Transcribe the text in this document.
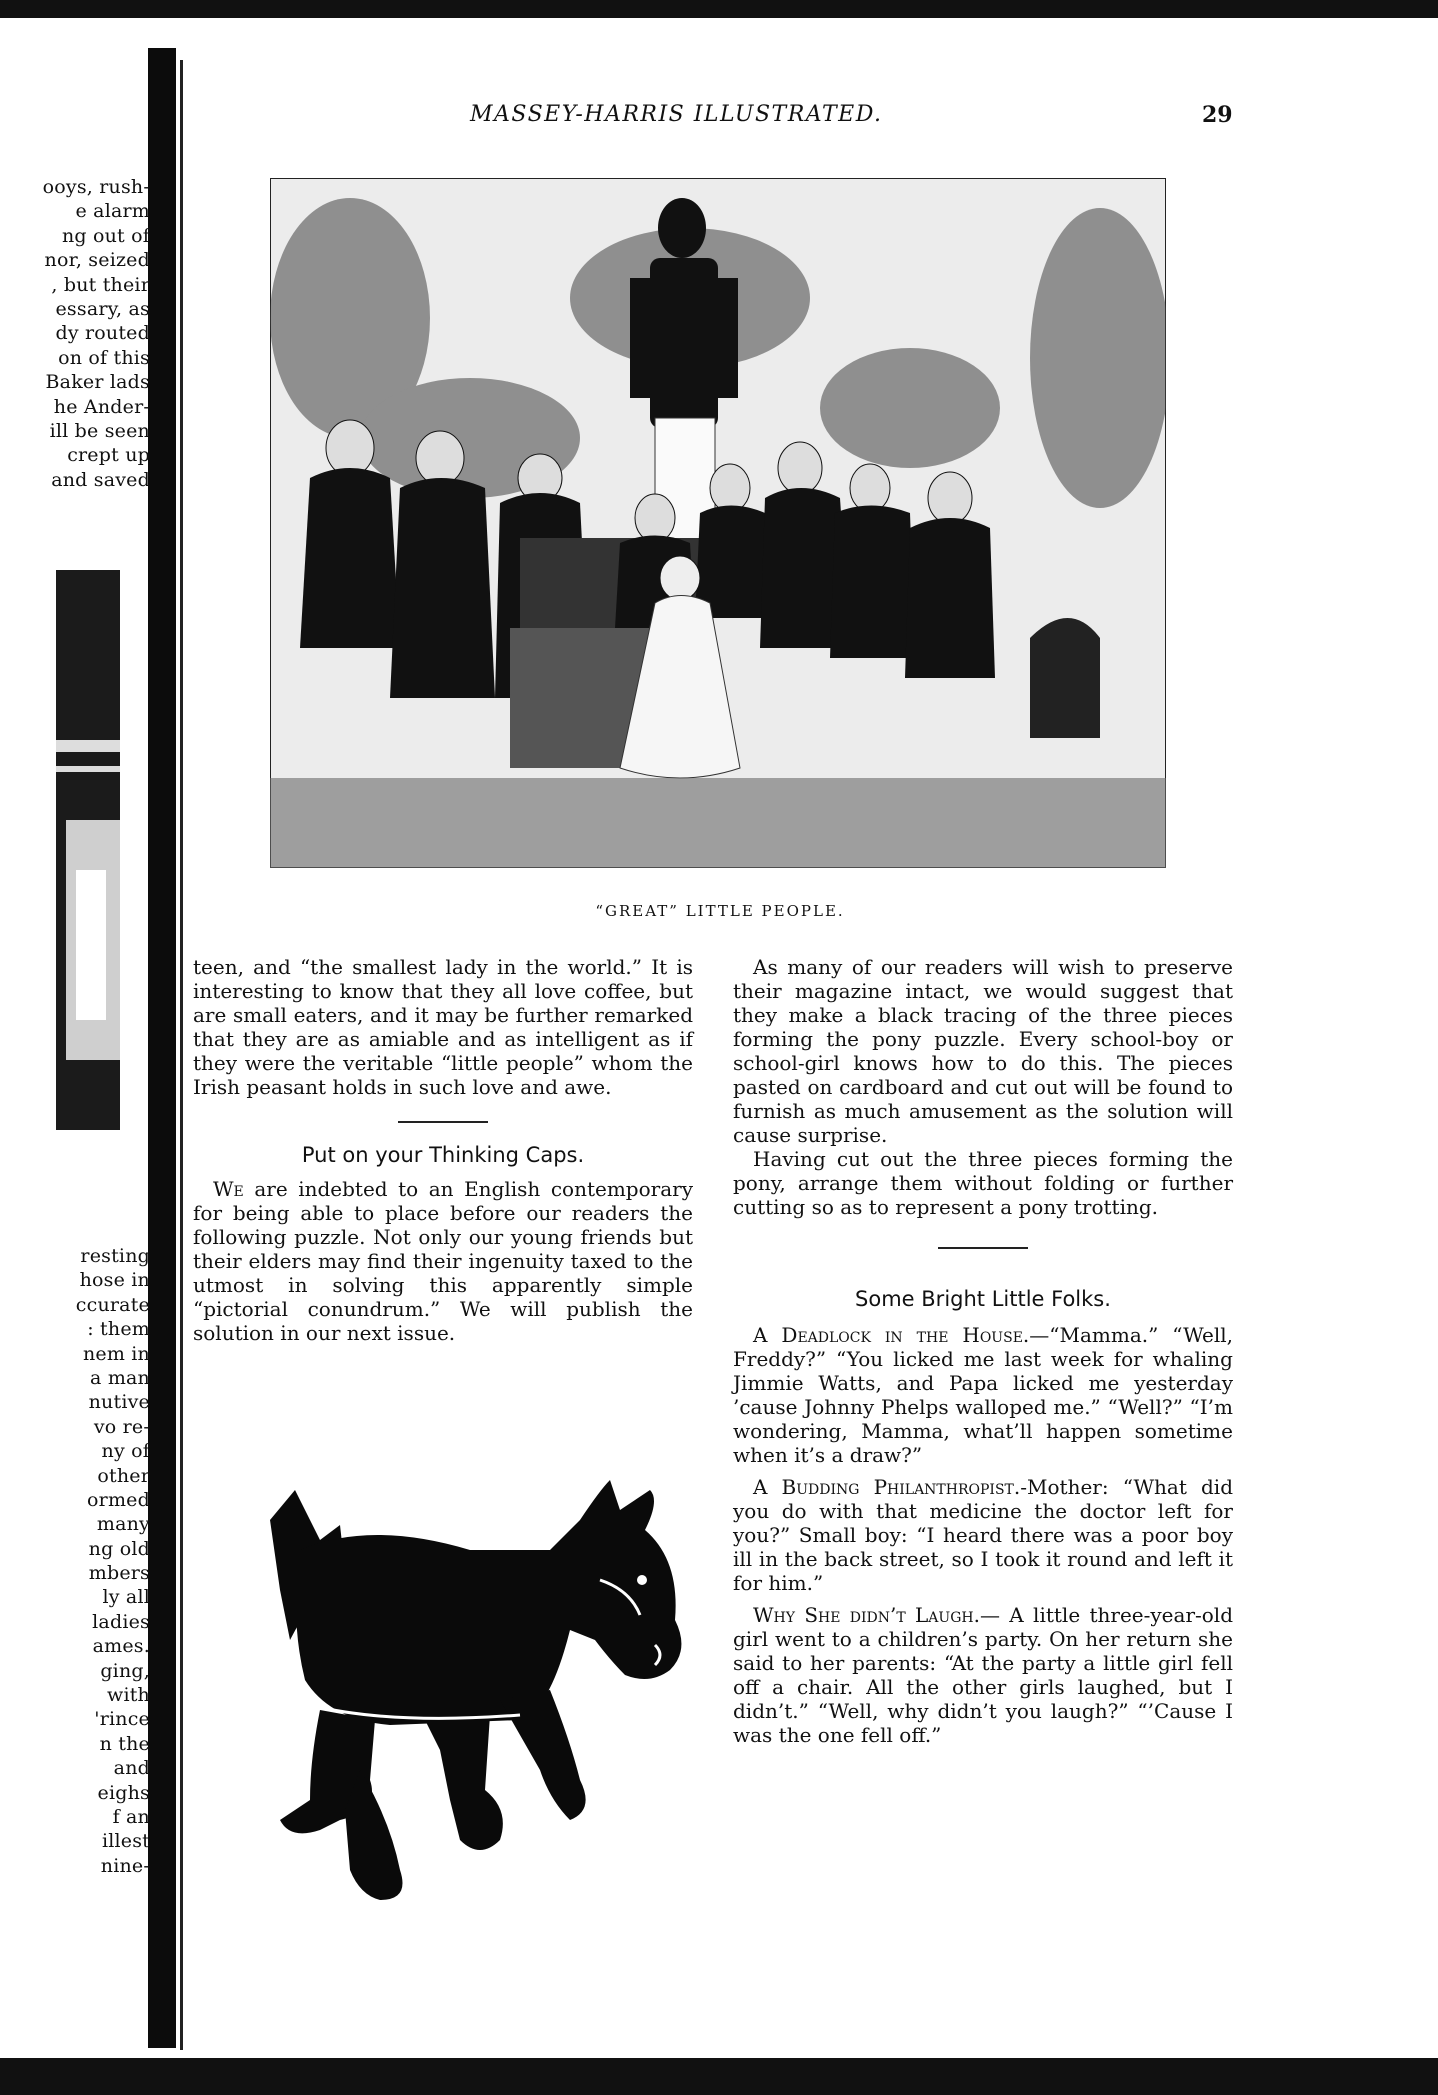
ooys, rush-
e alarm
ng out of
nor, seized
, but their
essary, as
dy routed
on of this
Baker lads
he Ander-
ill be seen
crept up
and saved
resting
hose in
ccurate
: them
nem in
a man
nutive
vo re-
ny of
other
ormed
many
ng old
mbers
ly all
ladies
ames.
ging,
with
'rince
n the
and
eighs
f an
illest
nine-
MASSEY-HARRIS ILLUSTRATED.	29
“GREAT” LITTLE PEOPLE.

teen, and “the smallest lady in the world.” It is interesting to know that they all love coffee, but are small eaters, and it may be further remarked that they are as amiable and as intelligent as if they were the veritable “little people” whom the Irish peasant holds in such love and awe.

Put on your Thinking Caps.

We are indebted to an English contemporary for being able to place before our readers the following puzzle. Not only our young friends but their elders may find their ingenuity taxed to the utmost in solving this apparently simple “pictorial conundrum.” We will publish the solution in our next issue.

As many of our readers will wish to preserve their magazine intact, we would suggest that they make a black tracing of the three pieces forming the pony puzzle. Every school-boy or school-girl knows how to do this. The pieces pasted on cardboard and cut out will be found to furnish as much amusement as the solution will cause surprise.

Having cut out the three pieces forming the pony, arrange them without folding or further cutting so as to represent a pony trotting.

Some Bright Little Folks.

A Deadlock in the House.—“Mamma.” “Well, Freddy?” “You licked me last week for whaling Jimmie Watts, and Papa licked me yesterday ’cause Johnny Phelps walloped me.” “Well?” “I’m wondering, Mamma, what’ll happen sometime when it’s a draw?”

A Budding Philanthropist.-Mother: “What did you do with that medicine the doctor left for you?” Small boy: “I heard there was a poor boy ill in the back street, so I took it round and left it for him.”

Why She didn’t Laugh.— A little three-year-old girl went to a children’s party. On her return she said to her parents: “At the party a little girl fell off a chair. All the other girls laughed, but I didn’t.” “Well, why didn’t you laugh?” “’Cause I was the one fell off.”
